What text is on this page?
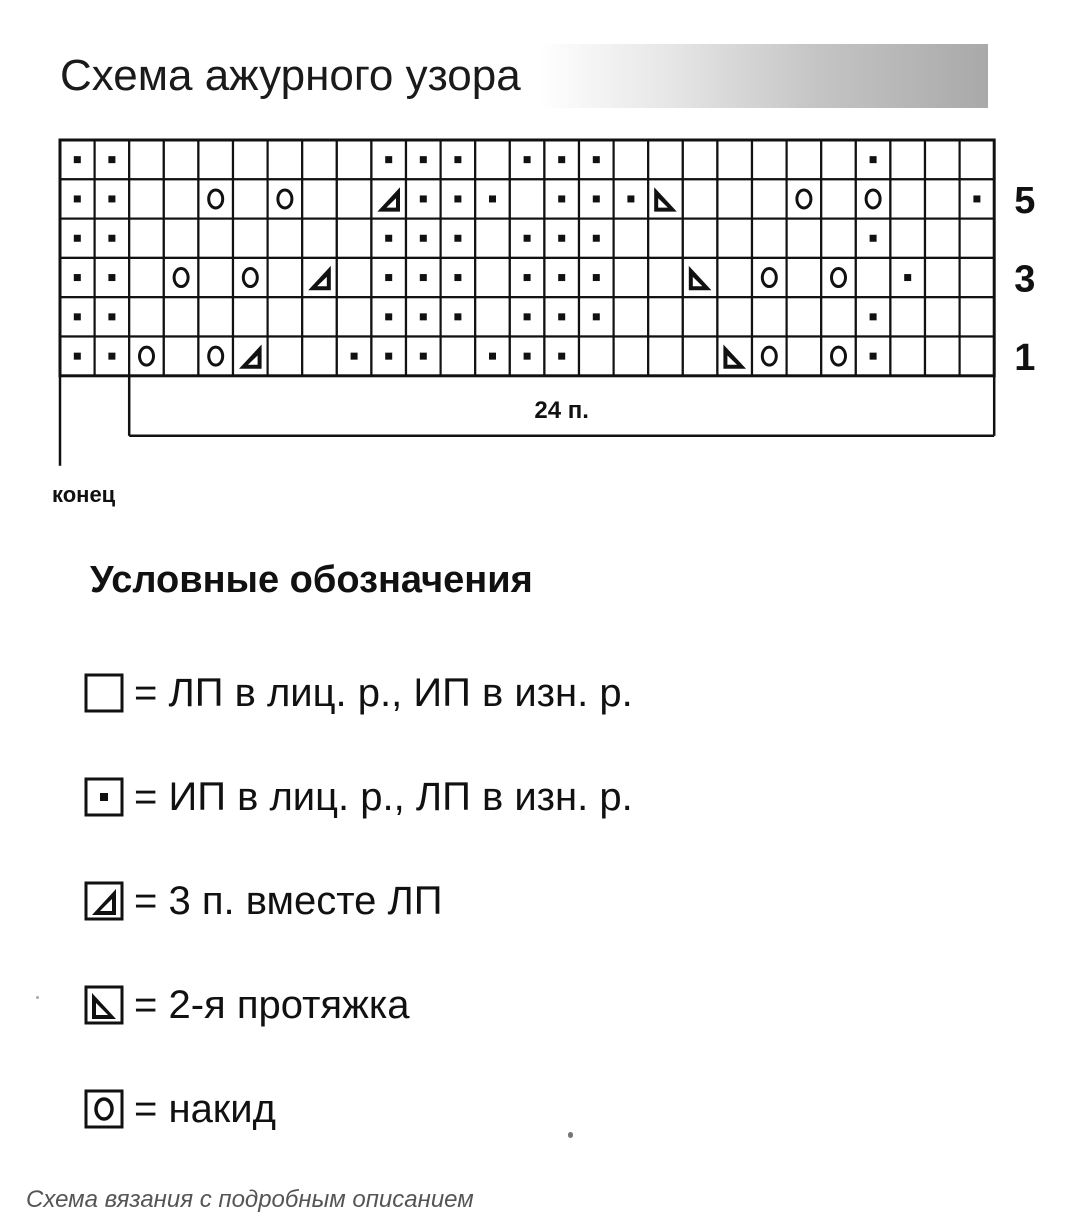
Схема ажурного узора
5
3
1
24 п.
конец
Условные обозначения
= ЛП в лиц. р., ИП в изн. р.
= ИП в лиц. р., ЛП в изн. р.
= 3 п. вместе ЛП
= 2-я протяжка
= накид
Схема вязания с подробным описанием
